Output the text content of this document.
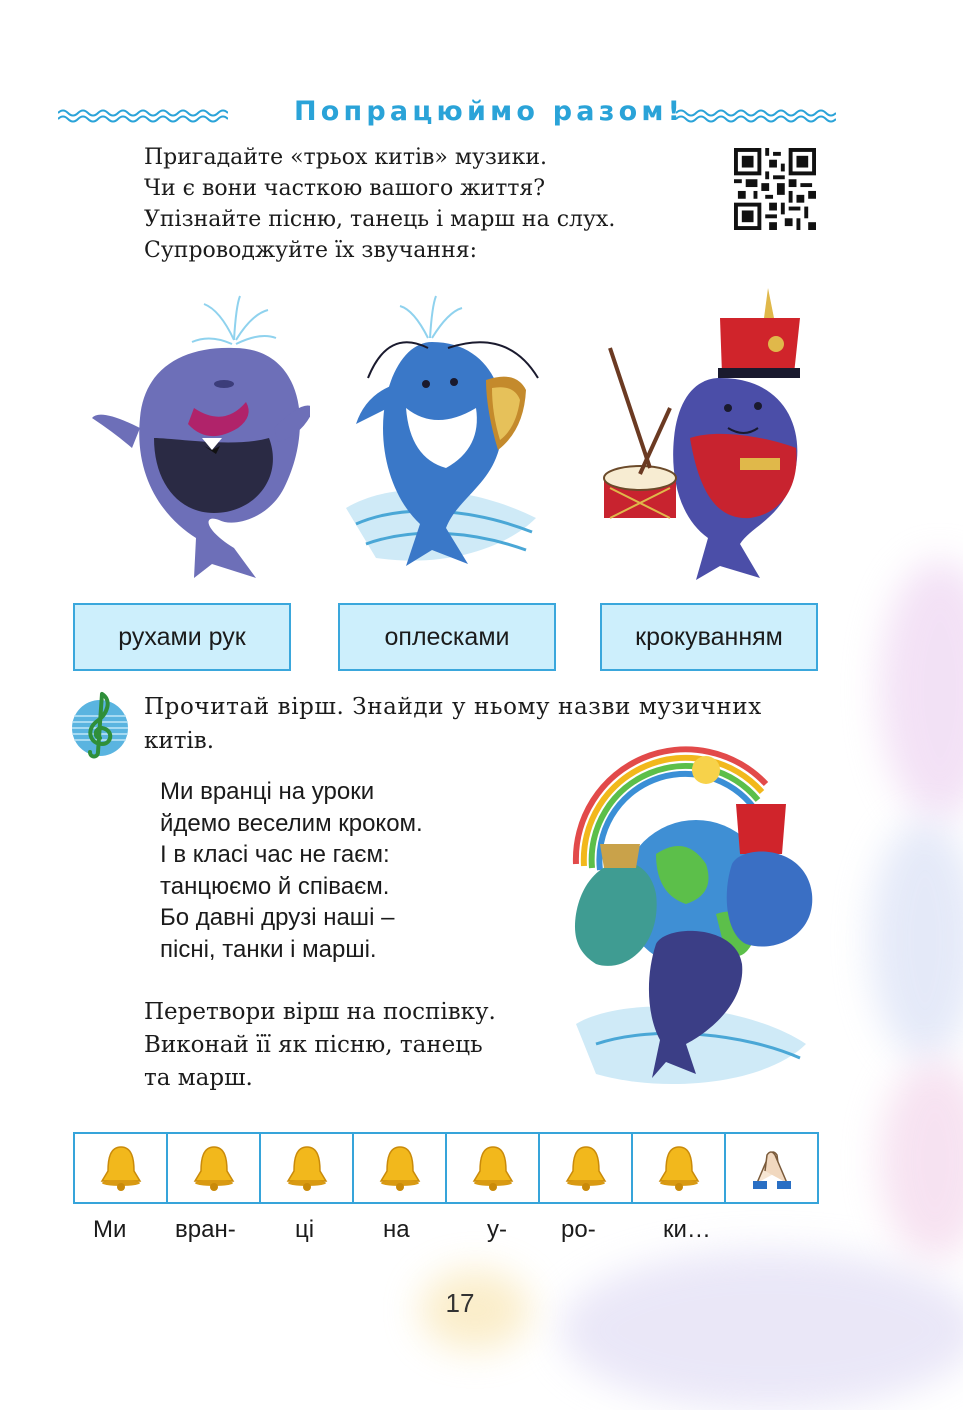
Попрацюймо разом!
Пригадайте «трьох китів» музики.
Чи є вони часткою вашого життя?
Упізнайте пісню, танець і марш на слух.
Супроводжуйте їх звучання:
рухами рук	оплесками	крокуванням
Прочитай вірш. Знайди у ньому назви музичних
китів.
Ми вранці на уроки
йдемо веселим кроком.
І в класі час не гаєм:
танцюємо й співаєм.
Бо давні друзі наші –
пісні, танки і марші.
Перетвори вірш на поспівку.
Виконай її як пісню, танець
та марш.
Ми вран- ці	на	у- ро-	ки…
17
